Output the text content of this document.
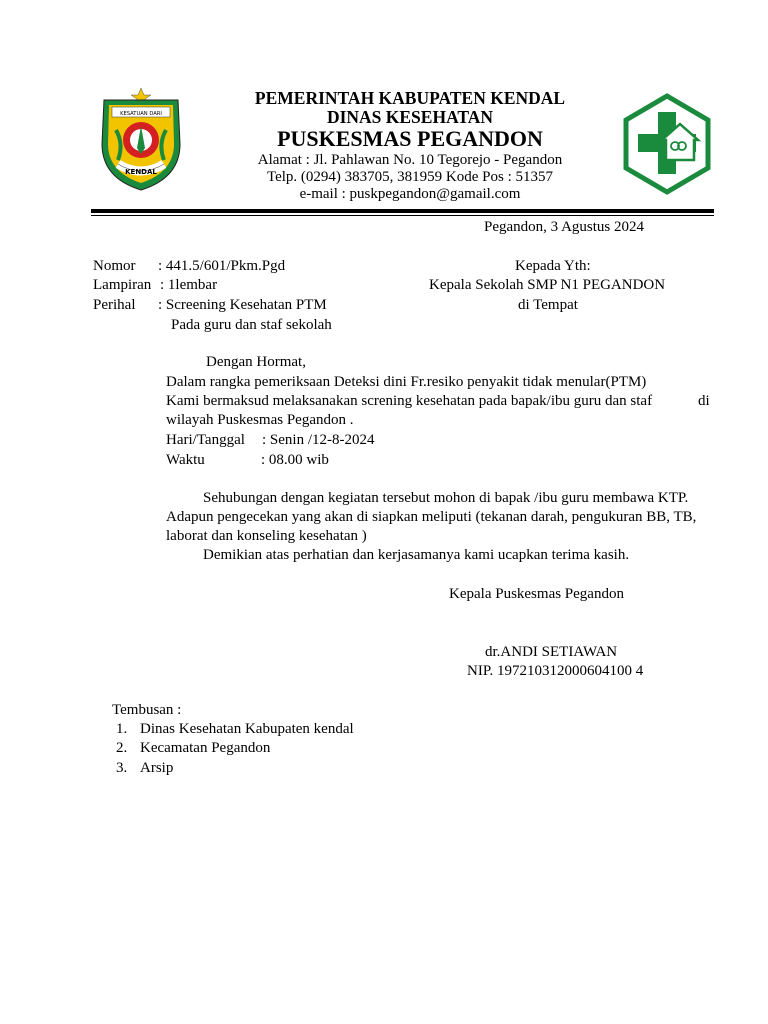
KESATUAN DARI
KENDAL
PEMERINTAH KABUPATEN KENDAL
DINAS KESEHATAN
PUSKESMAS PEGANDON
Alamat : Jl. Pahlawan No. 10 Tegorejo - Pegandon
Telp. (0294) 383705, 381959 Kode Pos : 51357
e-mail : puskpegandon@gamail.com
Pegandon, 3 Agustus 2024
Nomor : 441.5/601/Pkm.Pgd
Lampiran : 1lembar
Perihal : Screening Kesehatan PTM
Pada guru dan staf sekolah
Kepada Yth:
Kepala Sekolah SMP N1 PEGANDON
di Tempat
Dengan Hormat,
Dalam rangka pemeriksaan Deteksi dini Fr.resiko penyakit tidak menular(PTM)
Kami bermaksud melaksanakan screning kesehatan pada bapak/ibu guru dan staf	di
wilayah Puskesmas Pegandon .
Hari/Tanggal : Senin /12-8-2024
Waktu	: 08.00 wib
Sehubungan dengan kegiatan tersebut mohon di bapak /ibu guru membawa KTP.
Adapun pengecekan yang akan di siapkan meliputi (tekanan darah, pengukuran BB, TB,
laborat dan konseling kesehatan )
Demikian atas perhatian dan kerjasamanya kami ucapkan terima kasih.
Kepala Puskesmas Pegandon
dr.ANDI SETIAWAN
NIP. 197210312000604100 4
Tembusan :
1. Dinas Kesehatan Kabupaten kendal
2. Kecamatan Pegandon
3. Arsip
